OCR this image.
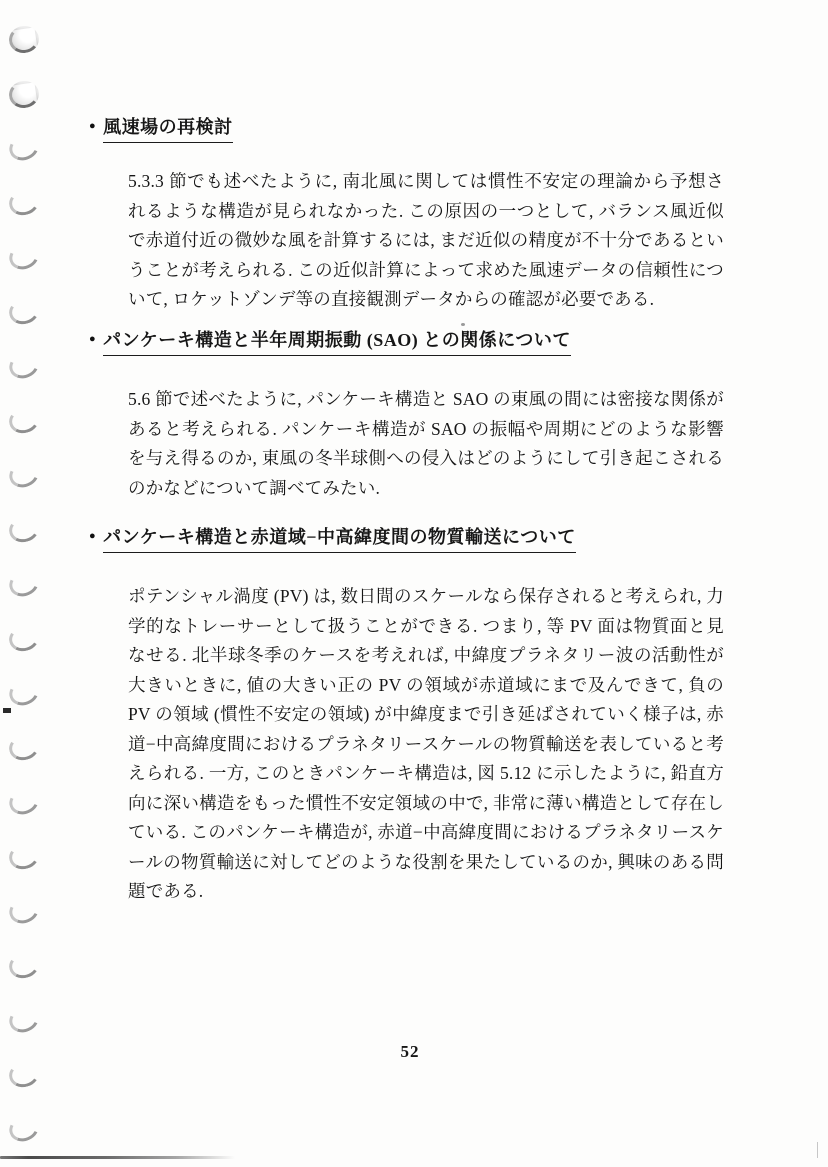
● 風速場の再検討

5.3.3 節でも述べたように, 南北風に関しては慣性不安定の理論から予想されるような構造が見られなかった. この原因の一つとして, バランス風近似で赤道付近の微妙な風を計算するには, まだ近似の精度が不十分であるということが考えられる. この近似計算によって求めた風速データの信頼性について, ロケットゾンデ等の直接観測データからの確認が必要である.

● パンケーキ構造と半年周期振動 (SAO) との関係について

5.6 節で述べたように, パンケーキ構造と SAO の東風の間には密接な関係があると考えられる. パンケーキ構造が SAO の振幅や周期にどのような影響を与え得るのか, 東風の冬半球側への侵入はどのようにして引き起こされるのかなどについて調べてみたい.

● パンケーキ構造と赤道域−中高緯度間の物質輸送について

ポテンシャル渦度 (PV) は, 数日間のスケールなら保存されると考えられ, 力学的なトレーサーとして扱うことができる. つまり, 等 PV 面は物質面と見なせる. 北半球冬季のケースを考えれば, 中緯度プラネタリー波の活動性が大きいときに, 値の大きい正の PV の領域が赤道域にまで及んできて, 負の PV の領域 (慣性不安定の領域) が中緯度まで引き延ばされていく様子は, 赤道−中高緯度間におけるプラネタリースケールの物質輸送を表していると考えられる. 一方, このときパンケーキ構造は, 図 5.12 に示したように, 鉛直方向に深い構造をもった慣性不安定領域の中で, 非常に薄い構造として存在している. このパンケーキ構造が, 赤道−中高緯度間におけるプラネタリースケールの物質輸送に対してどのような役割を果たしているのか, 興味のある問題である.

52
